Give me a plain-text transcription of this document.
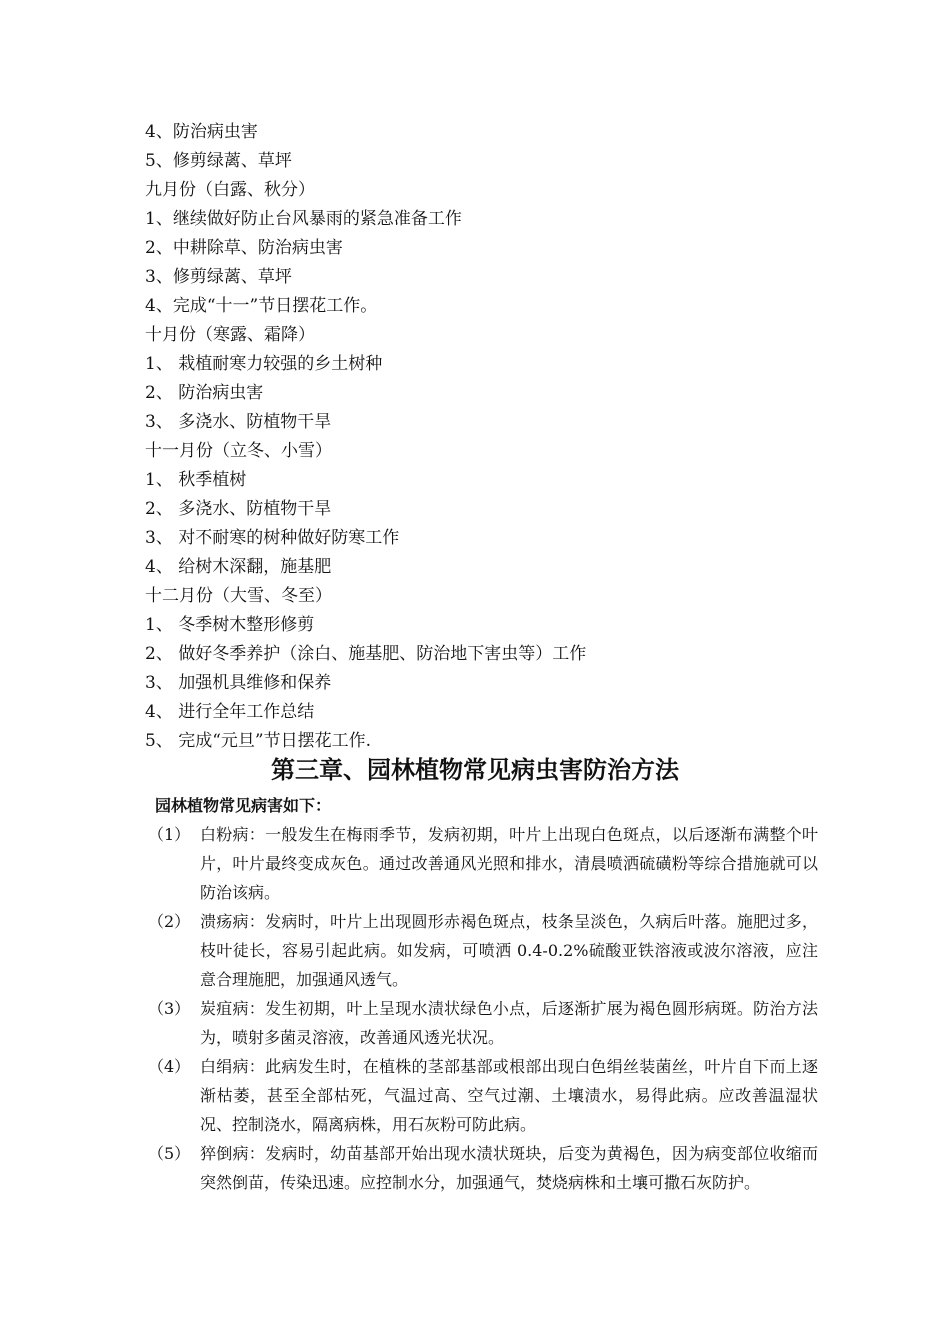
4、防治病虫害
5、修剪绿蓠、草坪
九月份（白露、秋分）
1、继续做好防止台风暴雨的紧急准备工作
2、中耕除草、防治病虫害
3、修剪绿蓠、草坪
4、完成“十一”节日摆花工作。
十月份（寒露、霜降）
1、 栽植耐寒力较强的乡土树种
2、 防治病虫害
3、 多浇水、防植物干旱
十一月份（立冬、小雪）
1、 秋季植树
2、 多浇水、防植物干旱
3、 对不耐寒的树种做好防寒工作
4、 给树木深翻，施基肥
十二月份（大雪、冬至）
1、 冬季树木整形修剪
2、 做好冬季养护（涂白、施基肥、防治地下害虫等）工作
3、 加强机具维修和保养
4、 进行全年工作总结
5、 完成“元旦”节日摆花工作.
第三章、园林植物常见病虫害防治方法
园林植物常见病害如下：
（1） 白粉病：一般发生在梅雨季节，发病初期，叶片上出现白色斑点，以后逐渐布满整个叶片，叶片最终变成灰色。通过改善通风光照和排水，清晨喷洒硫磺粉等综合措施就可以防治该病。
（2） 溃疡病：发病时，叶片上出现圆形赤褐色斑点，枝条呈淡色，久病后叶落。施肥过多，枝叶徒长，容易引起此病。如发病，可喷洒 0.4-0.2%硫酸亚铁溶液或波尔溶液，应注意合理施肥，加强通风透气。
（3） 炭疽病：发生初期，叶上呈现水渍状绿色小点，后逐渐扩展为褐色圆形病斑。防治方法为，喷射多菌灵溶液，改善通风透光状况。
（4） 白绢病：此病发生时，在植株的茎部基部或根部出现白色绢丝装菌丝，叶片自下而上逐渐枯萎，甚至全部枯死，气温过高、空气过潮、土壤渍水，易得此病。应改善温湿状况、控制浇水，隔离病株，用石灰粉可防此病。
（5） 猝倒病：发病时，幼苗基部开始出现水渍状斑块，后变为黄褐色，因为病变部位收缩而突然倒苗，传染迅速。应控制水分，加强通气，焚烧病株和土壤可撒石灰防护。
